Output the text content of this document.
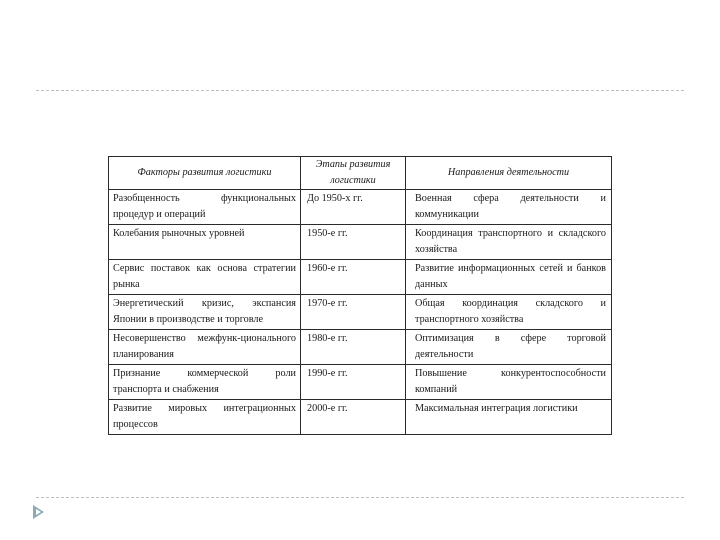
Факторы развития логистики	Этапы развития логистики	Направления деятельности
Разобщенность функциональных процедур и операций	До 1950-х гг.	Военная сфера деятельности и коммуникации
Колебания рыночных уровней	1950-е гг.	Координация транспортного и складского хозяйства
Сервис поставок как основа стратегии рынка	1960-е гг.	Развитие информационных сетей и банков данных
Энергетический кризис, экспансия Японии в производстве и торговле	1970-е гг.	Общая координация складского и транспортного хозяйства
Несовершенство межфунк-ционального планирования	1980-е гг.	Оптимизация в сфере торговой деятельности
Признание коммерческой роли транспорта и снабжения	1990-е гг.	Повышение конкурентоспособности компаний
Развитие мировых интеграционных процессов	2000-е гг.	Максимальная интеграция логистики
